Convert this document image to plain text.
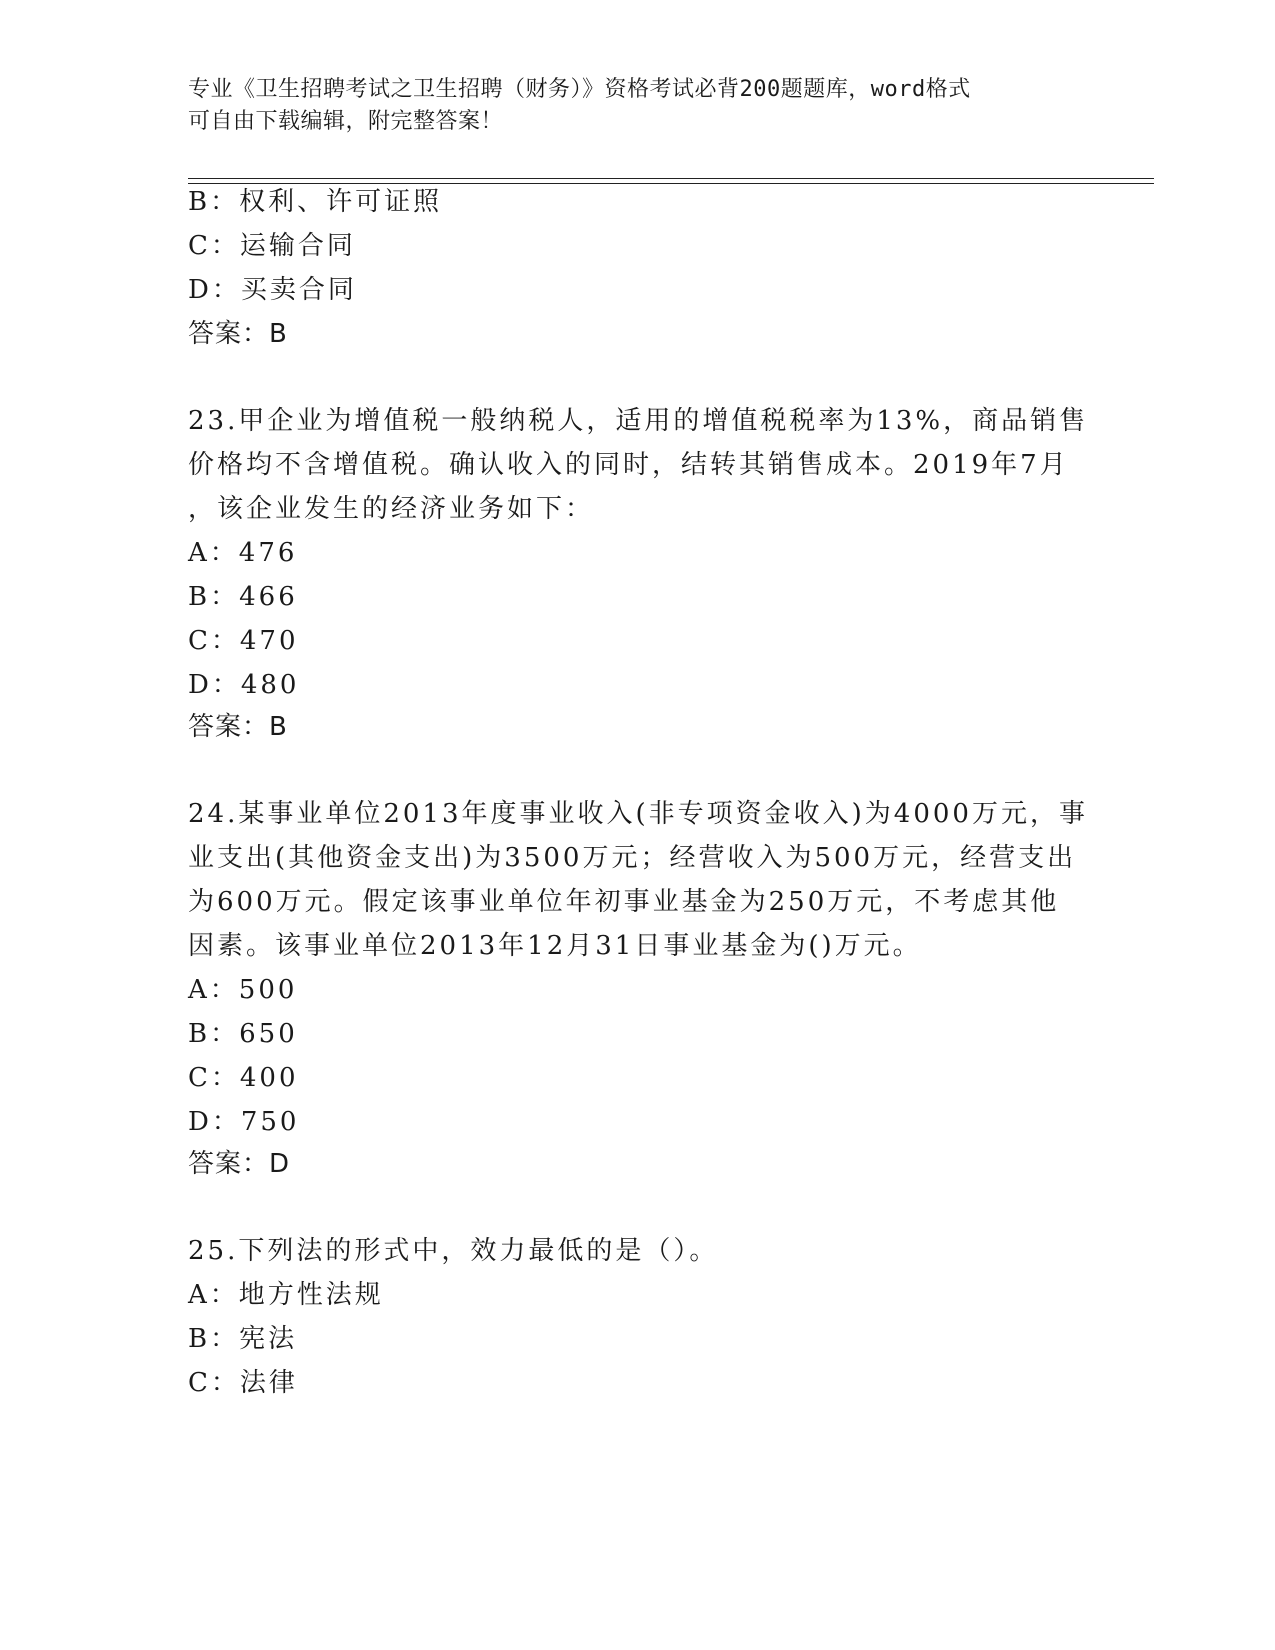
专业《卫生招聘考试之卫生招聘（财务）》资格考试必背200题题库，word格式
可自由下载编辑，附完整答案！
B：权利、许可证照
C：运输合同
D：买卖合同
答案：B
23.甲企业为增值税一般纳税人，适用的增值税税率为13%，商品销售
价格均不含增值税。确认收入的同时，结转其销售成本。2019年7月
，该企业发生的经济业务如下：
A：476
B：466
C：470
D：480
答案：B
24.某事业单位2013年度事业收入(非专项资金收入)为4000万元，事
业支出(其他资金支出)为3500万元；经营收入为500万元，经营支出
为600万元。假定该事业单位年初事业基金为250万元，不考虑其他
因素。该事业单位2013年12月31日事业基金为()万元。
A：500
B：650
C：400
D：750
答案：D
25.下列法的形式中，效力最低的是（）。
A：地方性法规
B：宪法
C：法律
